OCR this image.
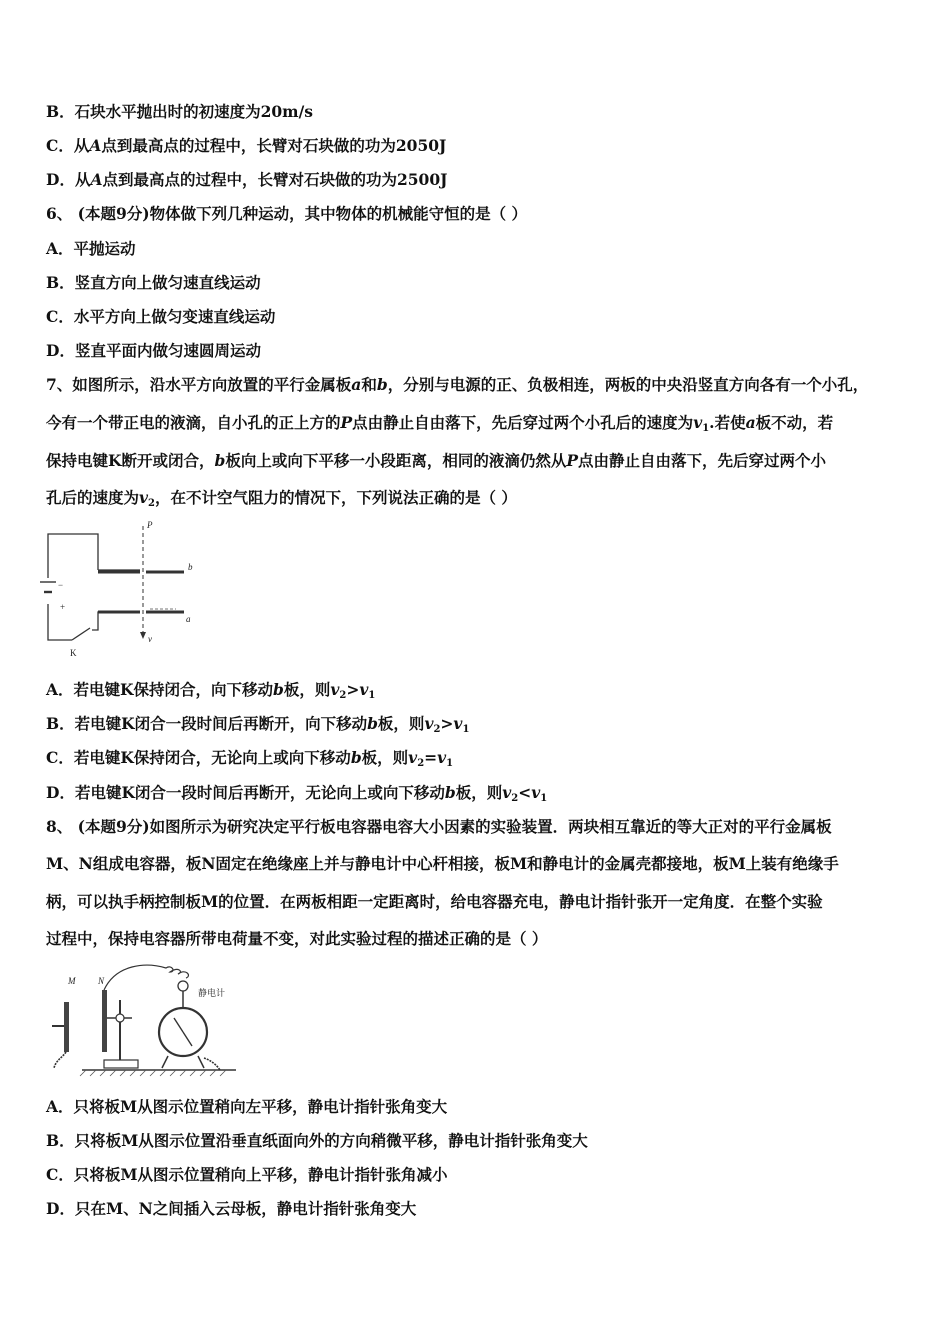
B．石块水平抛出时的初速度为20m/s
C．从A点到最高点的过程中，长臂对石块做的功为2050J
D．从A点到最高点的过程中，长臂对石块做的功为2500J
6、 (本题9分)物体做下列几种运动，其中物体的机械能守恒的是（ ）
A．平抛运动
B．竖直方向上做匀速直线运动
C．水平方向上做匀变速直线运动
D．竖直平面内做匀速圆周运动
7、如图所示，沿水平方向放置的平行金属板a和b，分别与电源的正、负极相连，两板的中央沿竖直方向各有一个小孔，
今有一个带正电的液滴，自小孔的正上方的P点由静止自由落下，先后穿过两个小孔后的速度为$v_1$.若使a板不动，若
保持电键K断开或闭合，b板向上或向下平移一小段距离，相同的液滴仍然从P点由静止自由落下，先后穿过两个小
孔后的速度为$v_2$，在不计空气阻力的情况下，下列说法正确的是（ ）
P
b
a
v
K
−
+
A．若电键K保持闭合，向下移动b板，则$v_2>v_1$
B．若电键K闭合一段时间后再断开，向下移动b板，则$v_2>v_1$
C．若电键K保持闭合，无论向上或向下移动b板，则$v_2=v_1$
D．若电键K闭合一段时间后再断开，无论向上或向下移动b板，则$v_2<v_1$
8、 (本题9分)如图所示为研究决定平行板电容器电容大小因素的实验装置．两块相互靠近的等大正对的平行金属板
M、N组成电容器，板N固定在绝缘座上并与静电计中心杆相接，板M和静电计的金属壳都接地，板M上装有绝缘手
柄，可以执手柄控制板M的位置．在两板相距一定距离时，给电容器充电，静电计指针张开一定角度．在整个实验
过程中，保持电容器所带电荷量不变，对此实验过程的描述正确的是（ ）
M	N
静电计
A．只将板M从图示位置稍向左平移，静电计指针张角变大
B．只将板M从图示位置沿垂直纸面向外的方向稍微平移，静电计指针张角变大
C．只将板M从图示位置稍向上平移，静电计指针张角减小
D．只在M、N之间插入云母板，静电计指针张角变大
